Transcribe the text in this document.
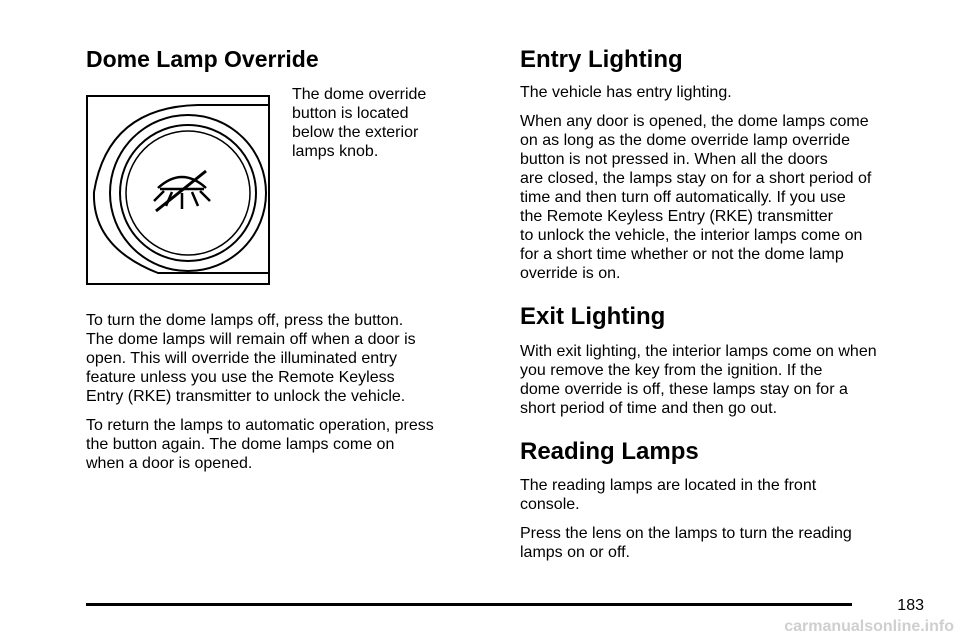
Dome Lamp Override

The dome override
button is located
below the exterior
lamps knob.

To turn the dome lamps off, press the button.
The dome lamps will remain off when a door is
open. This will override the illuminated entry
feature unless you use the Remote Keyless
Entry (RKE) transmitter to unlock the vehicle.

To return the lamps to automatic operation, press
the button again. The dome lamps come on
when a door is opened.

Entry Lighting

The vehicle has entry lighting.

When any door is opened, the dome lamps come
on as long as the dome override lamp override
button is not pressed in. When all the doors
are closed, the lamps stay on for a short period of
time and then turn off automatically. If you use
the Remote Keyless Entry (RKE) transmitter
to unlock the vehicle, the interior lamps come on
for a short time whether or not the dome lamp
override is on.

Exit Lighting

With exit lighting, the interior lamps come on when
you remove the key from the ignition. If the
dome override is off, these lamps stay on for a
short period of time and then go out.

Reading Lamps

The reading lamps are located in the front
console.

Press the lens on the lamps to turn the reading
lamps on or off.

183
carmanualsonline.info
